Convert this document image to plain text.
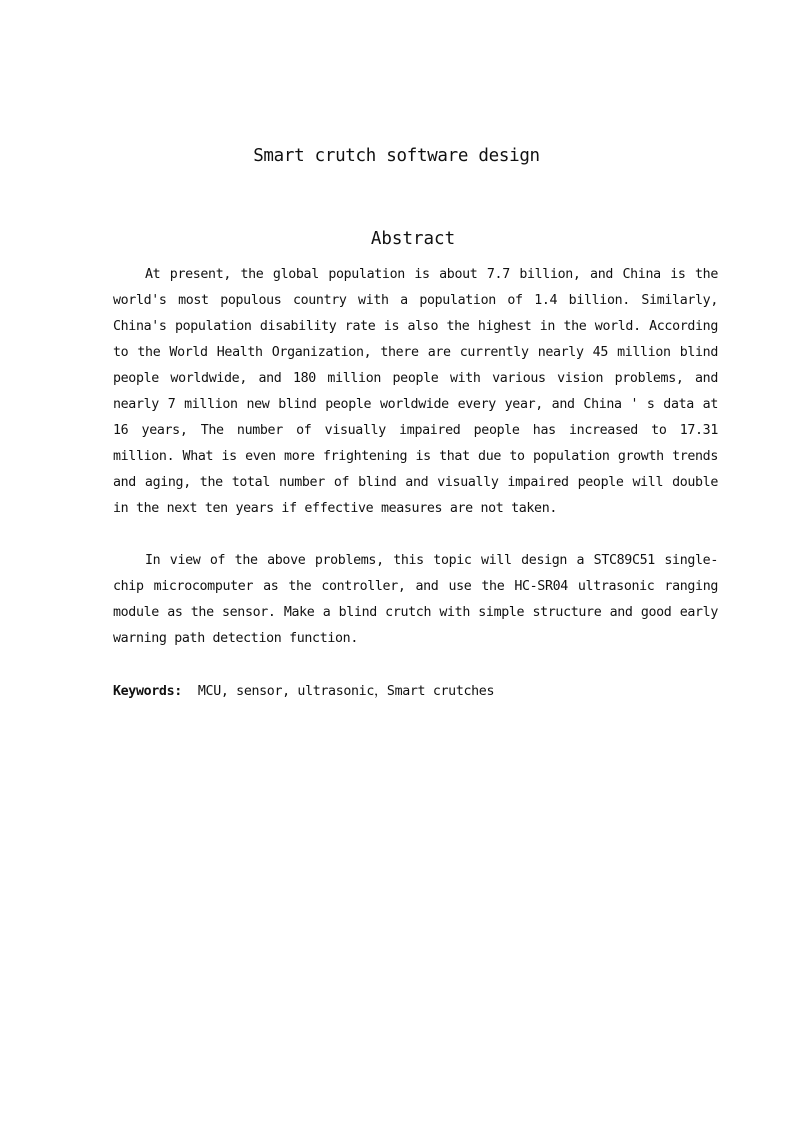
Smart crutch software design
Abstract

At present, the global population is about 7.7 billion, and China is the world's most populous country with a population of 1.4 billion. Similarly, China's population disability rate is also the highest in the world. According to the World Health Organization, there are currently nearly 45 million blind people worldwide, and 180 million people with various vision problems, and nearly 7 million new blind people worldwide every year, and China ' s data at 16 years, The number of visually impaired people has increased to 17.31 million. What is even more frightening is that due to population growth trends and aging, the total number of blind and visually impaired people will double in the next ten years if effective measures are not taken.

In view of the above problems, this topic will design a STC89C51 single-chip microcomputer as the controller, and use the HC-SR04 ultrasonic ranging module as the sensor. Make a blind crutch with simple structure and good early warning path detection function.

Keywords: MCU, sensor, ultrasonic，Smart crutches
